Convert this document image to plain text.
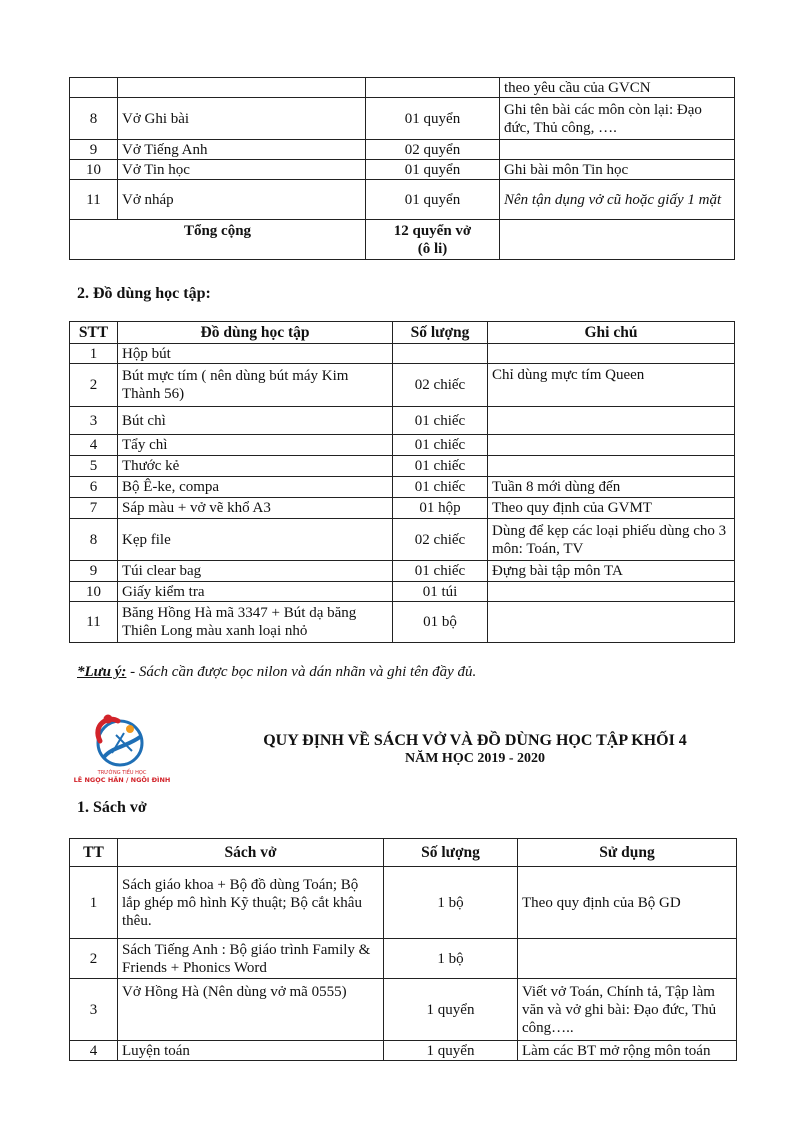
			theo yêu cầu của GVCN
8	Vở Ghi bài	01 quyển	Ghi tên bài các môn còn lại: Đạo đức, Thủ công, ….
9	Vở Tiếng Anh	02 quyển	
10	Vở Tin học	01 quyển	Ghi bài môn Tin học
11	Vở nháp	01 quyển	Nên tận dụng vở cũ hoặc giấy 1 mặt
Tổng cộng		12 quyển vở
(ô li)	

2. Đồ dùng học tập:
STT	Đồ dùng học tập	Số lượng	Ghi chú
1	Hộp bút		
2	Bút mực tím ( nên dùng bút máy Kim Thành 56)	02 chiếc	Chỉ dùng mực tím Queen
3	Bút chì	01 chiếc	
4	Tẩy chì	01 chiếc	
5	Thước kẻ	01 chiếc	
6	Bộ Ê-ke, compa	01 chiếc	Tuần 8 mới dùng đến
7	Sáp màu + vở vẽ khổ A3	01 hộp	Theo quy định của GVMT
8	Kẹp file	02 chiếc	Dùng để kẹp các loại phiếu dùng cho 3 môn: Toán, TV
9	Túi clear bag	01 chiếc	Đựng bài tập môn TA
10	Giấy kiểm tra	01 túi	
11	Băng Hồng Hà mã 3347 + Bút dạ băng Thiên Long màu xanh loại nhỏ	01 bộ	
*Lưu ý: - Sách cần được bọc nilon và dán nhãn và ghi tên đầy đủ.
TRƯỜNG TIỂU HỌC
LÊ NGỌC HÂN / NGÔI ĐÌNH
QUY ĐỊNH VỀ SÁCH VỞ VÀ ĐỒ DÙNG HỌC TẬP KHỐI 4
NĂM HỌC 2019 - 2020
1. Sách vở
TT	Sách vở	Số lượng	Sử dụng
1	Sách giáo khoa + Bộ đồ dùng Toán; Bộ lắp ghép mô hình Kỹ thuật; Bộ cắt khâu thêu.	1 bộ	Theo quy định của Bộ GD
2	Sách Tiếng Anh : Bộ giáo trình Family & Friends + Phonics Word	1 bộ	
3	Vở Hồng Hà (Nên dùng vở mã 0555)	1 quyển	Viết vở Toán, Chính tả, Tập làm văn và vở ghi bài: Đạo đức, Thủ công…..
4	Luyện toán	1 quyển	Làm các BT mở rộng môn toán
